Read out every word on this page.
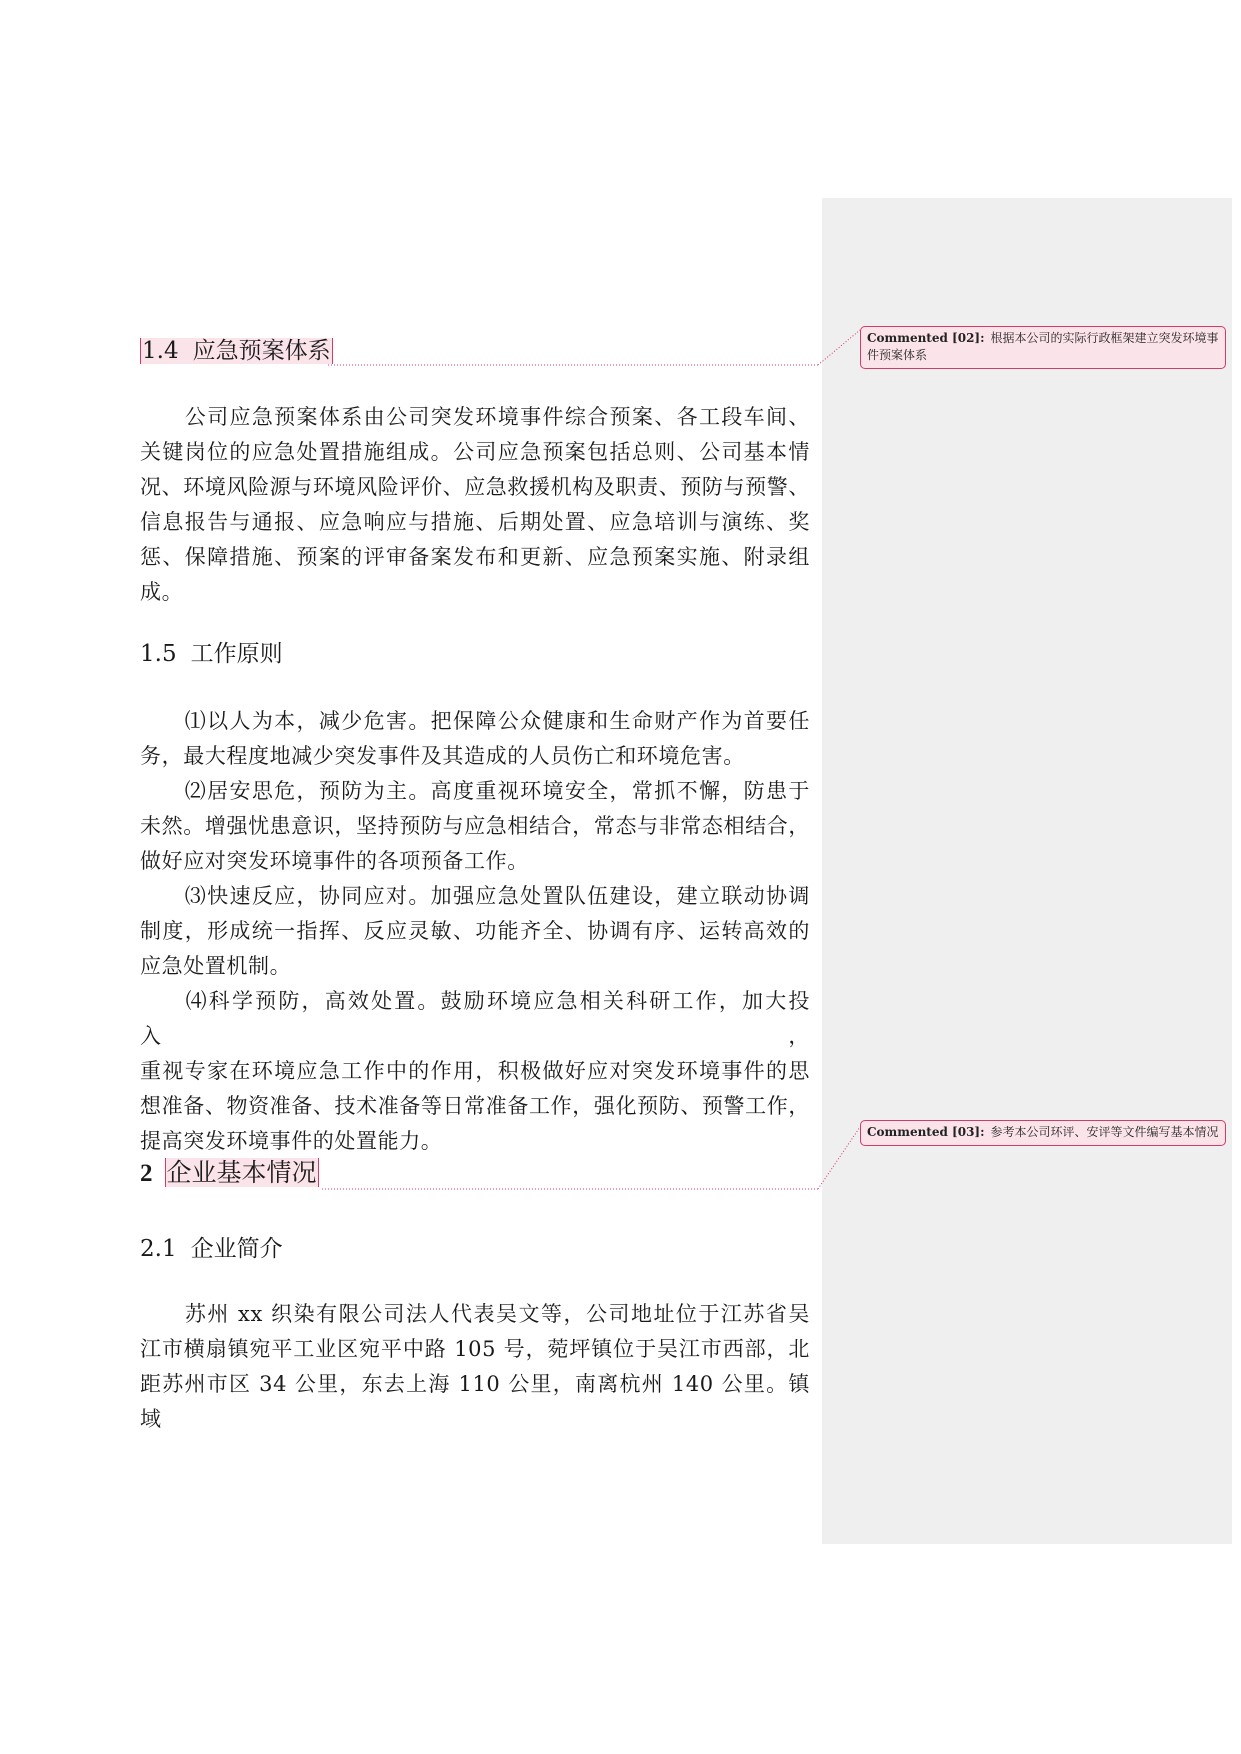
1.4 应急预案体系
公司应急预案体系由公司突发环境事件综合预案、各工段车间、
关键岗位的应急处置措施组成。公司应急预案包括总则、公司基本情
况、环境风险源与环境风险评价、应急救援机构及职责、预防与预警、
信息报告与通报、应急响应与措施、后期处置、应急培训与演练、奖
惩、保障措施、预案的评审备案发布和更新、应急预案实施、附录组
成。
1.5 工作原则
⑴以人为本，减少危害。把保障公众健康和生命财产作为首要任
务，最大程度地减少突发事件及其造成的人员伤亡和环境危害。
⑵居安思危，预防为主。高度重视环境安全，常抓不懈，防患于
未然。增强忧患意识，坚持预防与应急相结合，常态与非常态相结合，
做好应对突发环境事件的各项预备工作。
⑶快速反应，协同应对。加强应急处置队伍建设，建立联动协调
制度，形成统一指挥、反应灵敏、功能齐全、协调有序、运转高效的
应急处置机制。
⑷科学预防，高效处置。鼓励环境应急相关科研工作，加大投入，
重视专家在环境应急工作中的作用，积极做好应对突发环境事件的思
想准备、物资准备、技术准备等日常准备工作，强化预防、预警工作，
提高突发环境事件的处置能力。
2 企业基本情况
2.1 企业简介
苏州 xx 织染有限公司法人代表吴文等，公司地址位于江苏省吴
江市横扇镇宛平工业区宛平中路 105 号，菀坪镇位于吴江市西部，北
距苏州市区 34 公里，东去上海 110 公里，南离杭州 140 公里。镇域
Commented [02]: 根据本公司的实际行政框架建立突发环境事件预案体系
Commented [03]: 参考本公司环评、安评等文件编写基本情况
